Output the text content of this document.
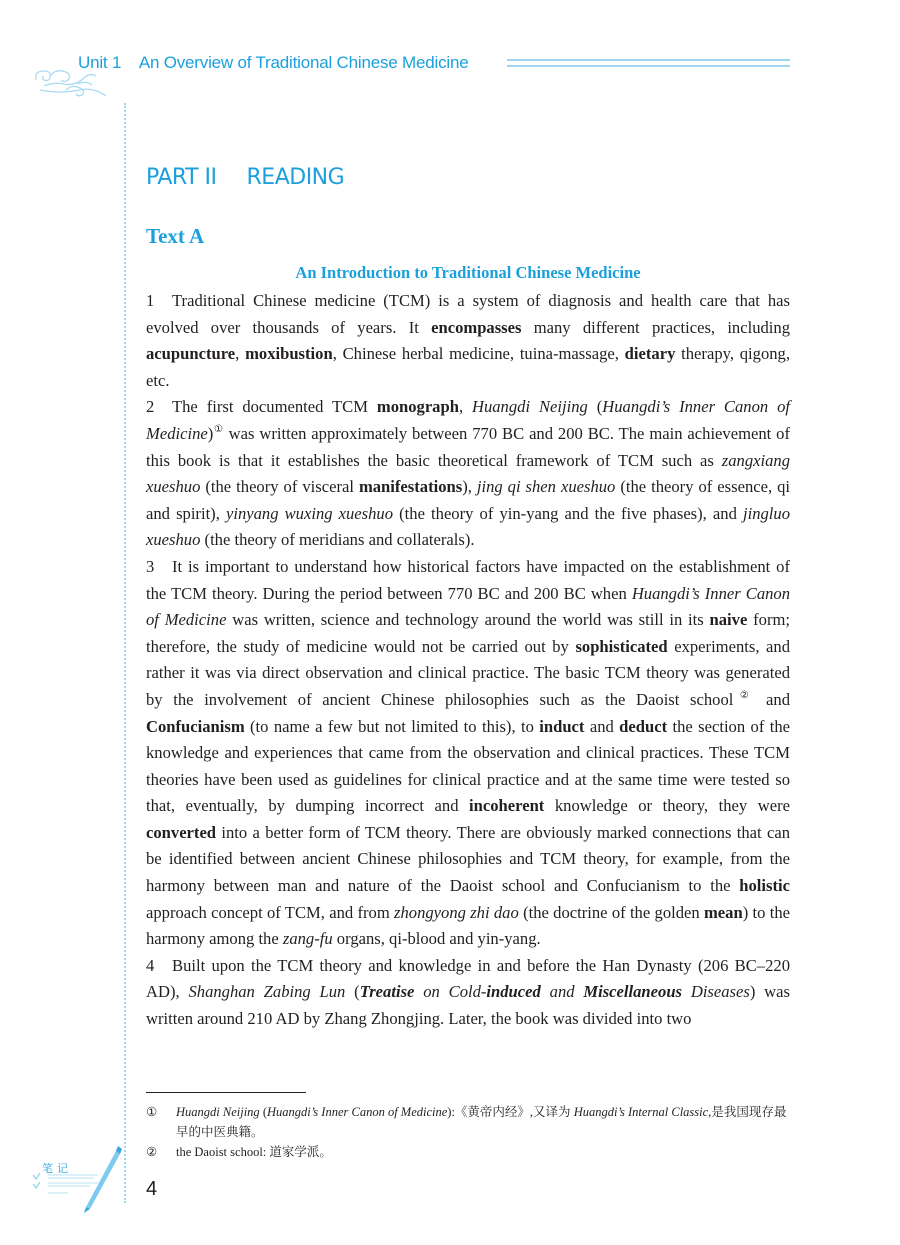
Unit 1 An Overview of Traditional Chinese Medicine
PART II READING
Text A
An Introduction to Traditional Chinese Medicine

1 Traditional Chinese medicine (TCM) is a system of diagnosis and health care that has evolved over thousands of years. It encompasses many different practices, including acupuncture, moxibustion, Chinese herbal medicine, tuina-massage, dietary therapy, qigong, etc.

2 The first documented TCM monograph, Huangdi Neijing (Huangdi’s Inner Canon of Medicine)① was written approximately between 770 BC and 200 BC. The main achievement of this book is that it establishes the basic theoretical framework of TCM such as zangxiang xueshuo (the theory of visceral manifestations), jing qi shen xueshuo (the theory of essence, qi and spirit), yinyang wuxing xueshuo (the theory of yin-yang and the five phases), and jingluo xueshuo (the theory of meridians and collaterals).

3 It is important to understand how historical factors have impacted on the establishment of the TCM theory. During the period between 770 BC and 200 BC when Huangdi’s Inner Canon of Medicine was written, science and technology around the world was still in its naive form; therefore, the study of medicine would not be carried out by sophisticated experiments, and rather it was via direct observation and clinical practice. The basic TCM theory was generated by the involvement of ancient Chinese philosophies such as the Daoist school② and Confucianism (to name a few but not limited to this), to induct and deduct the section of the knowledge and experiences that came from the observation and clinical practices. These TCM theories have been used as guidelines for clinical practice and at the same time were tested so that, eventually, by dumping incorrect and incoherent knowledge or theory, they were converted into a better form of TCM theory. There are obviously marked connections that can be identified between ancient Chinese philosophies and TCM theory, for example, from the harmony between man and nature of the Daoist school and Confucianism to the holistic approach concept of TCM, and from zhongyong zhi dao (the doctrine of the golden mean) to the harmony among the zang-fu organs, qi-blood and yin-yang.

4 Built upon the TCM theory and knowledge in and before the Han Dynasty (206 BC–220 AD), Shanghan Zabing Lun (Treatise on Cold-induced and Miscellaneous Diseases) was written around 210 AD by Zhang Zhongjing. Later, the book was divided into two

① Huangdi Neijing (Huangdi’s Inner Canon of Medicine):《黄帝内经》,又译为 Huangdi’s Internal Classic,是我国现存最早的中医典籍。
② the Daoist school: 道家学派。
笔记
4
